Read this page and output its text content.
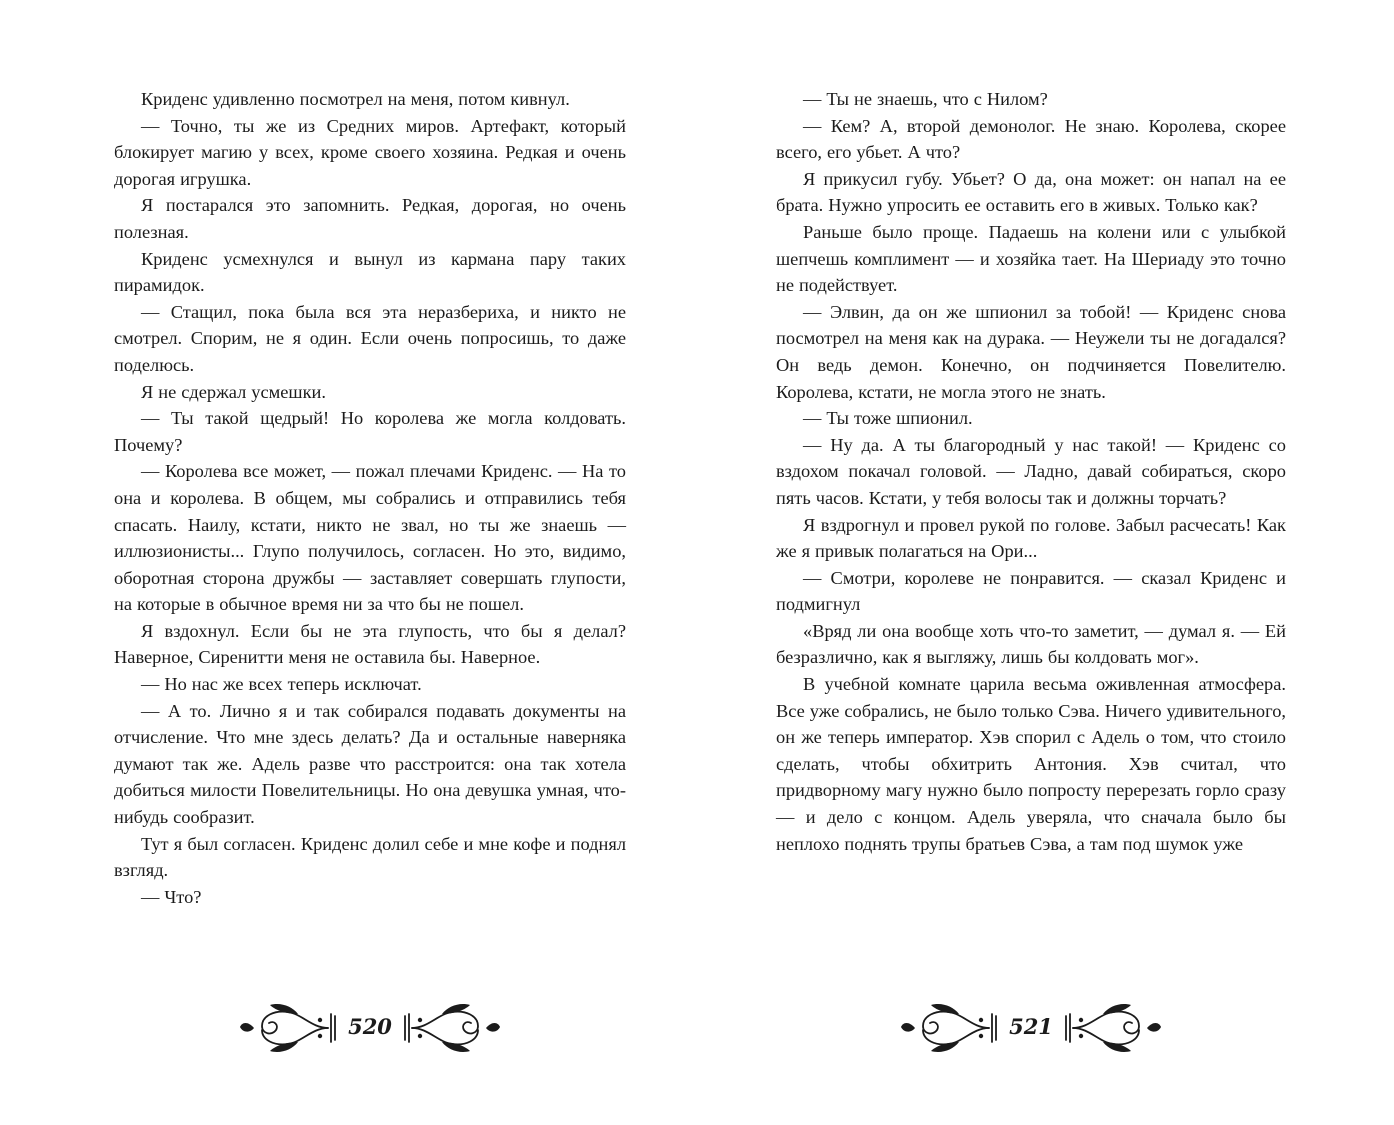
Криденс удивленно посмотрел на меня, потом кивнул.

— Точно, ты же из Средних миров. Артефакт, который блокирует магию у всех, кроме своего хозяина. Редкая и очень дорогая игрушка.

Я постарался это запомнить. Редкая, дорогая, но очень полезная.

Криденс усмехнулся и вынул из кармана пару таких пирамидок.

— Стащил, пока была вся эта неразбериха, и никто не смотрел. Спорим, не я один. Если очень попросишь, то даже поделюсь.

Я не сдержал усмешки.

— Ты такой щедрый! Но королева же могла колдовать. Почему?

— Королева все может, — пожал плечами Криденс. — На то она и королева. В общем, мы собрались и отправились тебя спасать. Наилу, кстати, никто не звал, но ты же знаешь — иллюзионисты... Глупо получилось, согласен. Но это, видимо, оборотная сторона дружбы — заставляет совершать глупости, на которые в обычное время ни за что бы не пошел.

Я вздохнул. Если бы не эта глупость, что бы я делал? Наверное, Сиренитти меня не оставила бы. Наверное.

— Но нас же всех теперь исключат.

— А то. Лично я и так собирался подавать документы на отчисление. Что мне здесь делать? Да и остальные наверняка думают так же. Адель разве что расстроится: она так хотела добиться милости Повелительницы. Но она девушка умная, что-нибудь сообразит.

Тут я был согласен. Криденс долил себе и мне кофе и поднял взгляд.

— Что?

520

— Ты не знаешь, что с Нилом?

— Кем? А, второй демонолог. Не знаю. Королева, скорее всего, его убьет. А что?

Я прикусил губу. Убьет? О да, она может: он напал на ее брата. Нужно упросить ее оставить его в живых. Только как?

Раньше было проще. Падаешь на колени или с улыбкой шепчешь комплимент — и хозяйка тает. На Шериаду это точно не подействует.

— Элвин, да он же шпионил за тобой! — Криденс снова посмотрел на меня как на дурака. — Неужели ты не догадался? Он ведь демон. Конечно, он подчиняется Повелителю. Королева, кстати, не могла этого не знать.

— Ты тоже шпионил.

— Ну да. А ты благородный у нас такой! — Криденс со вздохом покачал головой. — Ладно, давай собираться, скоро пять часов. Кстати, у тебя волосы так и должны торчать?

Я вздрогнул и провел рукой по голове. Забыл расчесать! Как же я привык полагаться на Ори...

— Смотри, королеве не понравится. — сказал Криденс и подмигнул

«Вряд ли она вообще хоть что-то заметит, — думал я. — Ей безразлично, как я выгляжу, лишь бы колдовать мог».

В учебной комнате царила весьма оживленная атмосфера. Все уже собрались, не было только Сэва. Ничего удивительного, он же теперь император. Хэв спорил с Адель о том, что стоило сделать, чтобы обхитрить Антония. Хэв считал, что придворному магу нужно было попросту перерезать горло сразу — и дело с концом. Адель уверяла, что сначала было бы неплохо поднять трупы братьев Сэва, а там под шумок уже

521
